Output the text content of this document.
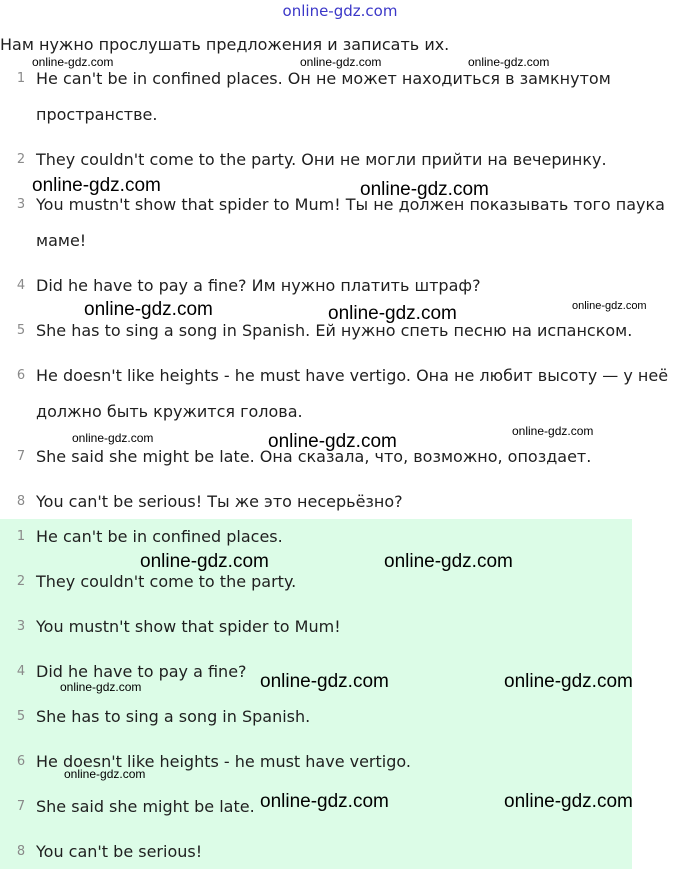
online-gdz.com
Нам нужно прослушать предложения и записать их.
1 He can't be in confined places. Он не может находиться в замкнутом пространстве.
2 They couldn't come to the party. Они не могли прийти на вечеринку.
3 You mustn't show that spider to Mum! Ты не должен показывать того паука маме!
4 Did he have to pay a fine? Им нужно платить штраф?
5 She has to sing a song in Spanish. Ей нужно спеть песню на испанском.
6 He doesn't like heights - he must have vertigo. Она не любит высоту — у неё должно быть кружится голова.
7 She said she might be late. Она сказала, что, возможно, опоздает.
8 You can't be serious! Ты же это несерьёзно?
1 He can't be in confined places.
2 They couldn't come to the party.
3 You mustn't show that spider to Mum!
4 Did he have to pay a fine?
5 She has to sing a song in Spanish.
6 He doesn't like heights - he must have vertigo.
7 She said she might be late.
8 You can't be serious!
online-gdz.com	online-gdz.com	online-gdz.com
online-gdz.com	online-gdz.com
online-gdz.com	online-gdz.com	online-gdz.com
online-gdz.com	online-gdz.com	online-gdz.com
online-gdz.com	online-gdz.com
online-gdz.com	online-gdz.com	online-gdz.com
online-gdz.com
online-gdz.com	online-gdz.com
